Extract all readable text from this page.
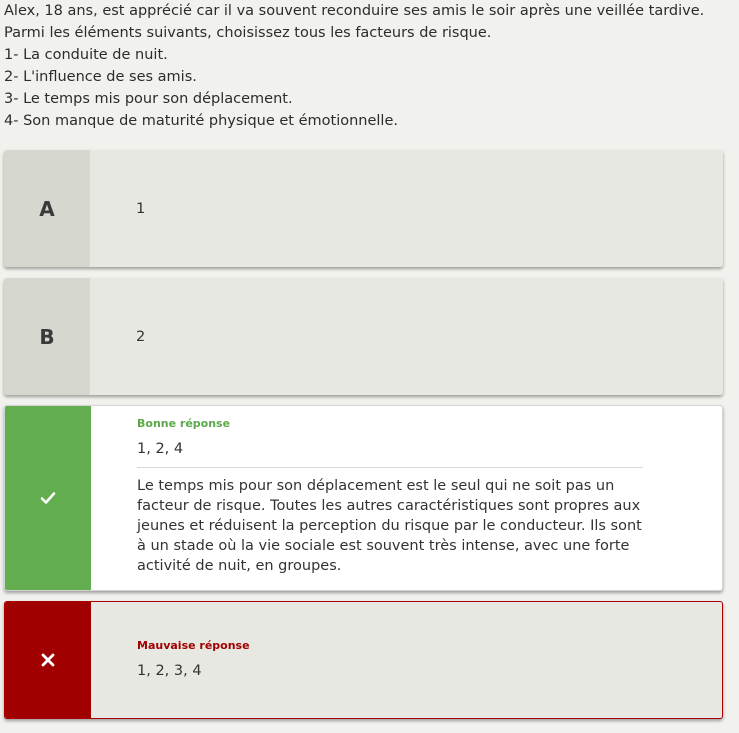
Alex, 18 ans, est apprécié car il va souvent reconduire ses amis le soir après une veillée tardive. Parmi les éléments suivants, choisissez tous les facteurs de risque.

1- La conduite de nuit.

2- L'influence de ses amis.

3- Le temps mis pour son déplacement.

4- Son manque de maturité physique et émotionnelle.

A	1
B	2
Bonne réponse
1, 2, 4

Le temps mis pour son déplacement est le seul qui ne soit pas un facteur de risque. Toutes les autres caractéristiques sont propres aux jeunes et réduisent la perception du risque par le conducteur. Ils sont à un stade où la vie sociale est souvent très intense, avec une forte activité de nuit, en groupes.

Mauvaise réponse
1, 2, 3, 4
